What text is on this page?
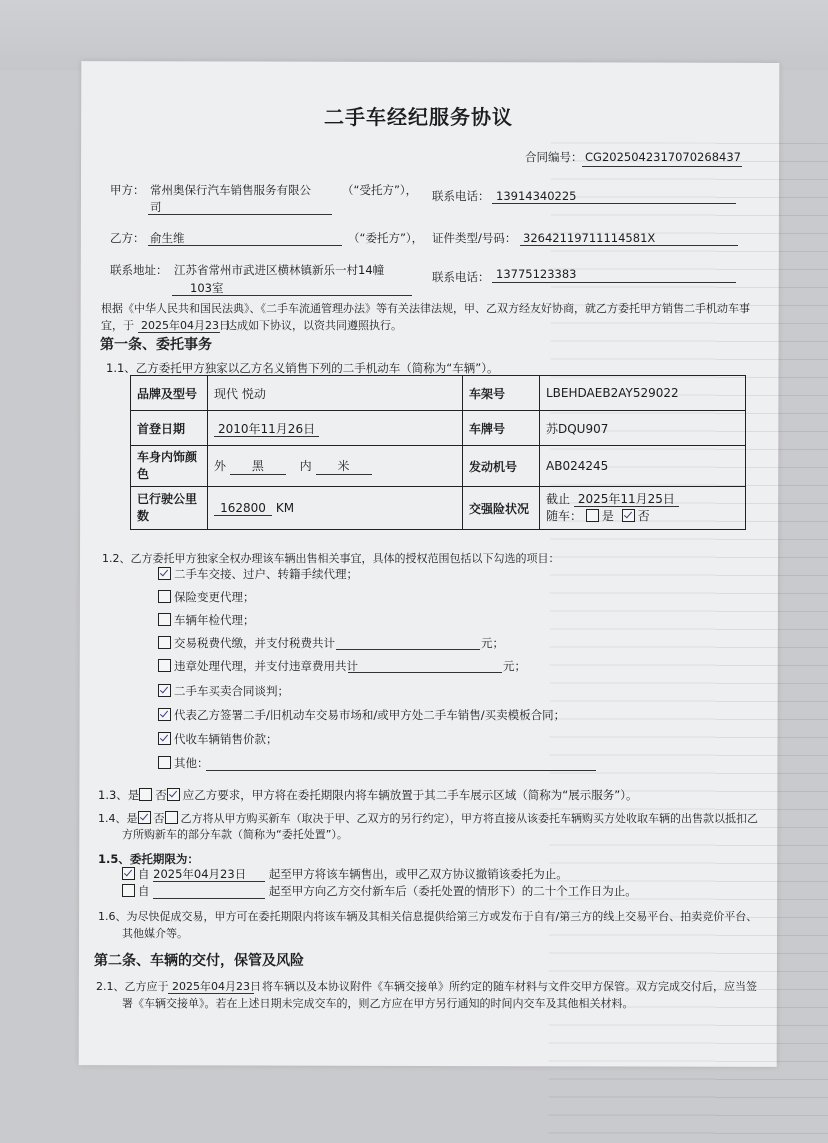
二手车经纪服务协议
合同编号： CG2025042317070268437
甲方： 常州奥保行汽车销售服务有限公
司
（“受托方”）， 联系电话： 13914340225
乙方： 俞生维	（“委托方”）， 证件类型/号码： 32642119711114581X
联系地址： 江苏省常州市武进区横林镇新乐一村14幢
103室
联系电话： 13775123383
根据《中华人民共和国民法典》、《二手车流通管理办法》等有关法律法规，甲、乙双方经友好协商，就乙方委托甲方销售二手机动车事
宜，于 2025年04月23日
达成如下协议，以资共同遵照执行。
第一条、委托事务
1.1、乙方委托甲方独家以乙方名义销售下列的二手机动车（简称为“车辆”）。
品牌及型号	现代 悦动	车架号	LBEHDAEB2AY529022
首登日期	2010年11月26日	车牌号	苏DQU907
车身内饰颜色	外 黑 内 米	发动机号	AB024245
已行驶公里数	162800 KM	交强险状况	截止 2025年11月25日
随车： 是 否
1.2、乙方委托甲方独家全权办理该车辆出售相关事宜，具体的授权范围包括以下勾选的项目：
二手车交接、过户、转籍手续代理；
保险变更代理；
车辆年检代理；
交易税费代缴，并支付税费共计	元；
违章处理代理，并支付违章费用共计	元；
二手车买卖合同谈判；
代表乙方签署二手/旧机动车交易市场和/或甲方处二手车销售/买卖模板合同；
代收车辆销售价款；
其他：
1.3、是 否 应乙方要求，甲方将在委托期限内将车辆放置于其二手车展示区域（简称为“展示服务”）。
1.4、是 否 乙方将从甲方购买新车（取决于甲、乙双方的另行约定），甲方将直接从该委托车辆购买方处收取车辆的出售款以抵扣乙
方所购新车的部分车款（简称为“委托处置”）。
1.5、委托期限为：
自 2025年04月23日 起至甲方将该车辆售出，或甲乙双方协议撤销该委托为止。
自	起至甲方向乙方交付新车后（委托处置的情形下）的二十个工作日为止。
1.6、为尽快促成交易，甲方可在委托期限内将该车辆及其相关信息提供给第三方或发布于自有/第三方的线上交易平台、拍卖竞价平台、
其他媒介等。
第二条、车辆的交付，保管及风险
2.1、乙方应于 2025年04月23日 将车辆以及本协议附件《车辆交接单》所约定的随车材料与文件交甲方保管。双方完成交付后，应当签
署《车辆交接单》。若在上述日期未完成交车的，则乙方应在甲方另行通知的时间内交车及其他相关材料。
